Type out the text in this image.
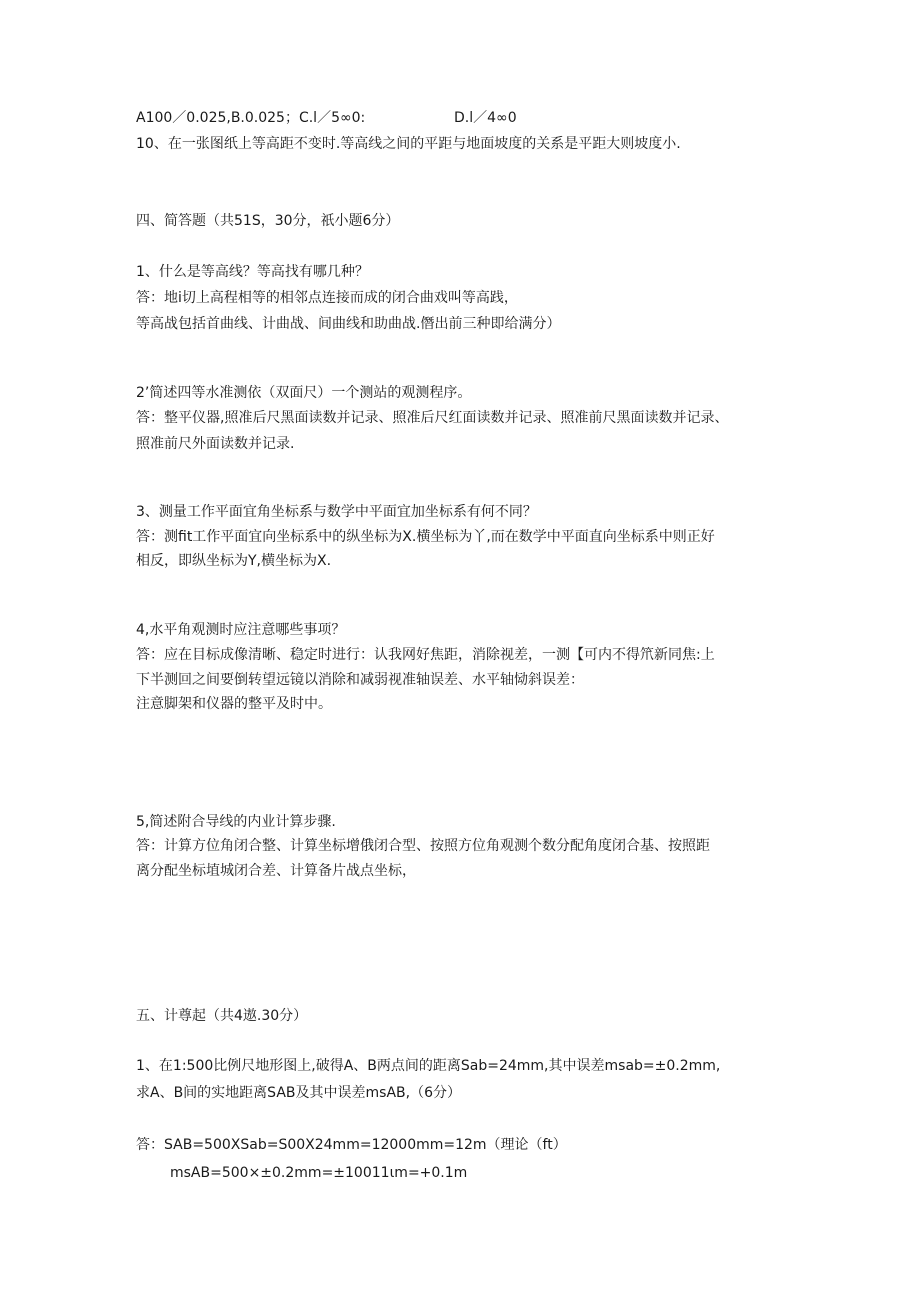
A100／0.025,B.0.025；C.l／5∞0:	D.l／4∞0
10、在一张图纸上等高距不变时.等高线之间的平距与地面坡度的关系是平距大则坡度小.
四、简答题（共51S，30分，祇小题6分）
1、什么是等高线？等高找有哪几种？
答：地i切上高程相等的相邻点连接而成的闭合曲戏叫等高践，
等高战包括首曲线、计曲战、间曲线和助曲战.僭出前三种即给满分）
2’简述四等水准测依（双面尺）一个测站的观测程序。
答：整平仪器,照准后尺黑面读数并记录、照准后尺红面读数并记录、照准前尺黑面读数并记录、
照准前尺外面读数并记录.
3、测量工作平面宜角坐标系与数学中平面宜加坐标系有何不同？
答：测fit工作平面宜向坐标系中的纵坐标为X.横坐标为丫,而在数学中平面直向坐标系中则正好
相反，即纵坐标为Y,横坐标为X.
4,水平角观测时应注意哪些事项？
答：应在目标成像清晰、稳定时进行：认我网好焦距，消除视差，一测【可内不得笊新同焦:上
下半测回之间要倒转望远镜以消除和减弱视准轴误差、水平轴恸斜误差：
注意脚架和仪器的整平及时中。
5,简述附合导线的内业计算步骤.
答：计算方位角闭合整、计算坐标增俄闭合型、按照方位角观测个数分配角度闭合基、按照距
离分配坐标埴城闭合差、计算备片战点坐标，
五、计尊起（共4遨.30分）
1、在1:500比例尺地形图上,破得A、B两点间的距离Sab=24mm,其中误差msab=±0.2mm,
求A、B间的实地距离SAB及其中误差msAB,（6分）
答：SAB=500XSab=S00X24mm=12000mm=12m（理论（ft）
msAB=500×±0.2mm=±10011ιm=+0.1m
